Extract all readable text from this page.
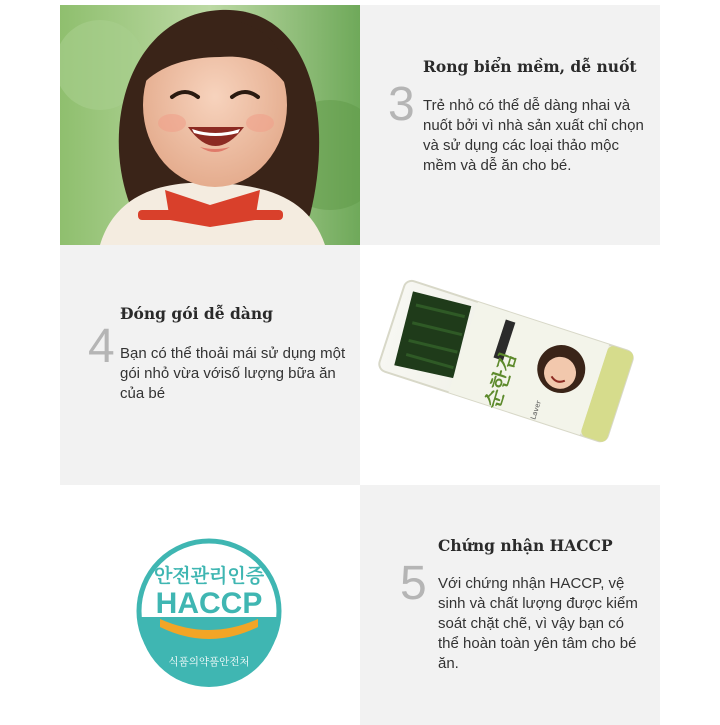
Rong biển mềm, dễ nuốt
3 Trẻ nhỏ có thể dễ dàng nhai và nuốt bởi vì nhà sản xuất chỉ chọn và sử dụng các loại thảo mộc mềm và dễ ăn cho bé.

Đóng gói dễ dàng
4 Bạn có thể thoải mái sử dụng một gói nhỏ vừa vớisố lượng bữa ăn của bé	순한김 Laver
안전관리인증
HACCP
식품의약품안전처
Chứng nhận HACCP
5 Với chứng nhận HACCP, vệ sinh và chất lượng được kiểm soát chặt chẽ, vì vậy bạn có thể hoàn toàn yên tâm cho bé ăn.
